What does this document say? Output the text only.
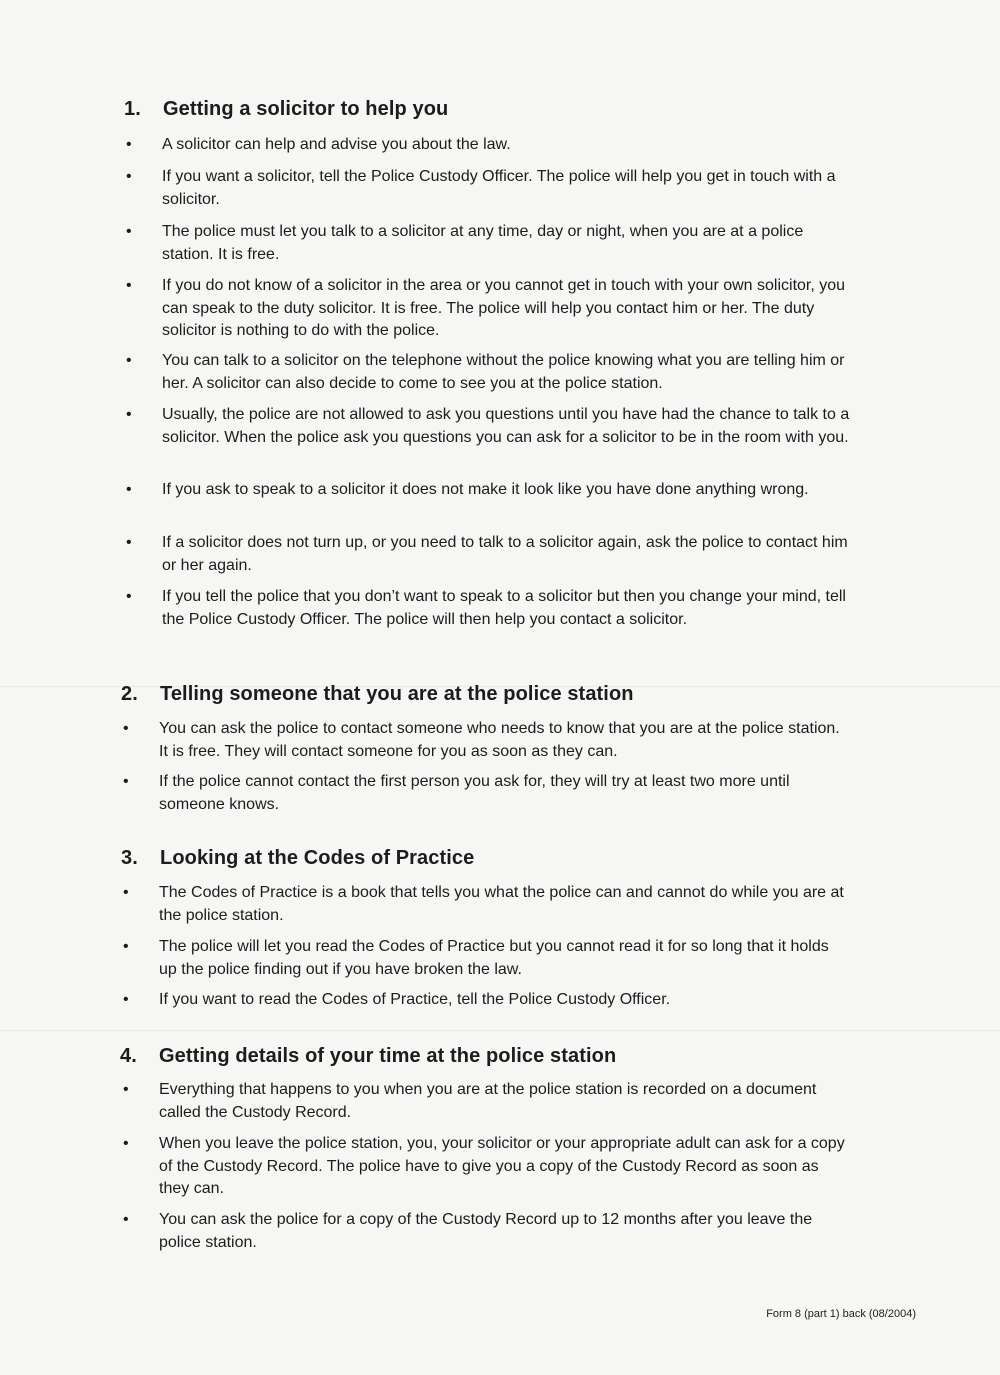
1. Getting a solicitor to help you
• A solicitor can help and advise you about the law.
• If you want a solicitor, tell the Police Custody Officer. The police will help you get in touch with a solicitor.
• The police must let you talk to a solicitor at any time, day or night, when you are at a police station. It is free.
• If you do not know of a solicitor in the area or you cannot get in touch with your own solicitor, you can speak to the duty solicitor. It is free. The police will help you contact him or her. The duty solicitor is nothing to do with the police.
• You can talk to a solicitor on the telephone without the police knowing what you are telling him or her. A solicitor can also decide to come to see you at the police station.
• Usually, the police are not allowed to ask you questions until you have had the chance to talk to a solicitor. When the police ask you questions you can ask for a solicitor to be in the room with you.
• If you ask to speak to a solicitor it does not make it look like you have done anything wrong.
• If a solicitor does not turn up, or you need to talk to a solicitor again, ask the police to contact him or her again.
• If you tell the police that you don’t want to speak to a solicitor but then you change your mind, tell the Police Custody Officer. The police will then help you contact a solicitor.
2. Telling someone that you are at the police station
• You can ask the police to contact someone who needs to know that you are at the police station. It is free. They will contact someone for you as soon as they can.
• If the police cannot contact the first person you ask for, they will try at least two more until someone knows.
3. Looking at the Codes of Practice
• The Codes of Practice is a book that tells you what the police can and cannot do while you are at the police station.
• The police will let you read the Codes of Practice but you cannot read it for so long that it holds up the police finding out if you have broken the law.
• If you want to read the Codes of Practice, tell the Police Custody Officer.
4. Getting details of your time at the police station
• Everything that happens to you when you are at the police station is recorded on a document called the Custody Record.
• When you leave the police station, you, your solicitor or your appropriate adult can ask for a copy of the Custody Record. The police have to give you a copy of the Custody Record as soon as they can.
• You can ask the police for a copy of the Custody Record up to 12 months after you leave the police station.
Form 8 (part 1) back (08/2004)
